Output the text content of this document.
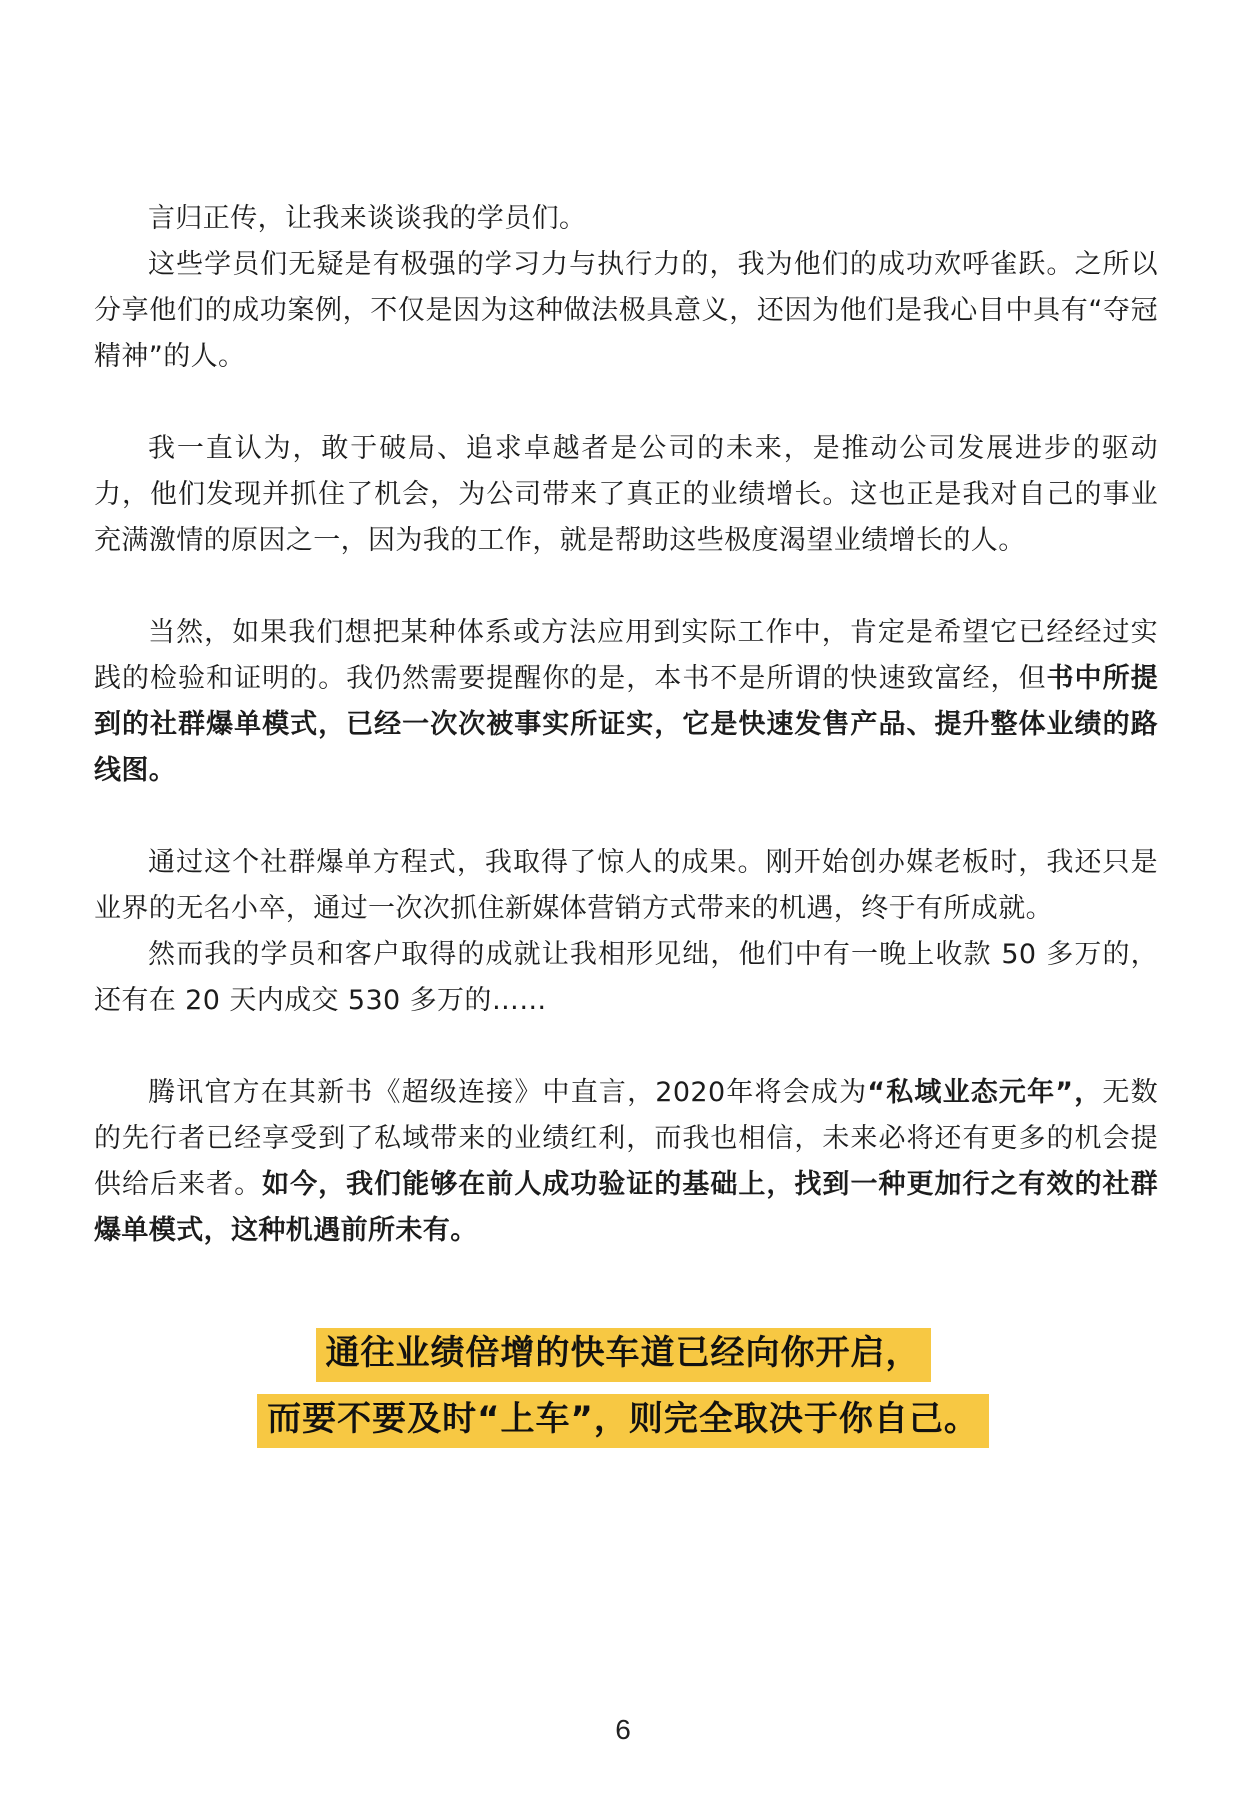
言归正传，让我来谈谈我的学员们。

这些学员们无疑是有极强的学习力与执行力的，我为他们的成功欢呼雀跃。之所以分享他们的成功案例，不仅是因为这种做法极具意义，还因为他们是我心目中具有“夺冠精神”的人。

我一直认为，敢于破局、追求卓越者是公司的未来，是推动公司发展进步的驱动力，他们发现并抓住了机会，为公司带来了真正的业绩增长。这也正是我对自己的事业充满激情的原因之一，因为我的工作，就是帮助这些极度渴望业绩增长的人。

当然，如果我们想把某种体系或方法应用到实际工作中，肯定是希望它已经经过实践的检验和证明的。我仍然需要提醒你的是，本书不是所谓的快速致富经，但书中所提到的社群爆单模式，已经一次次被事实所证实，它是快速发售产品、提升整体业绩的路线图。

通过这个社群爆单方程式，我取得了惊人的成果。刚开始创办媒老板时，我还只是业界的无名小卒，通过一次次抓住新媒体营销方式带来的机遇，终于有所成就。

然而我的学员和客户取得的成就让我相形见绌，他们中有一晚上收款 50 多万的，还有在 20 天内成交 530 多万的……

腾讯官方在其新书《超级连接》中直言，2020年将会成为“私域业态元年”，无数的先行者已经享受到了私域带来的业绩红利，而我也相信，未来必将还有更多的机会提供给后来者。如今，我们能够在前人成功验证的基础上，找到一种更加行之有效的社群爆单模式，这种机遇前所未有。

通往业绩倍增的快车道已经向你开启，
而要不要及时“上车”，则完全取决于你自己。
6
